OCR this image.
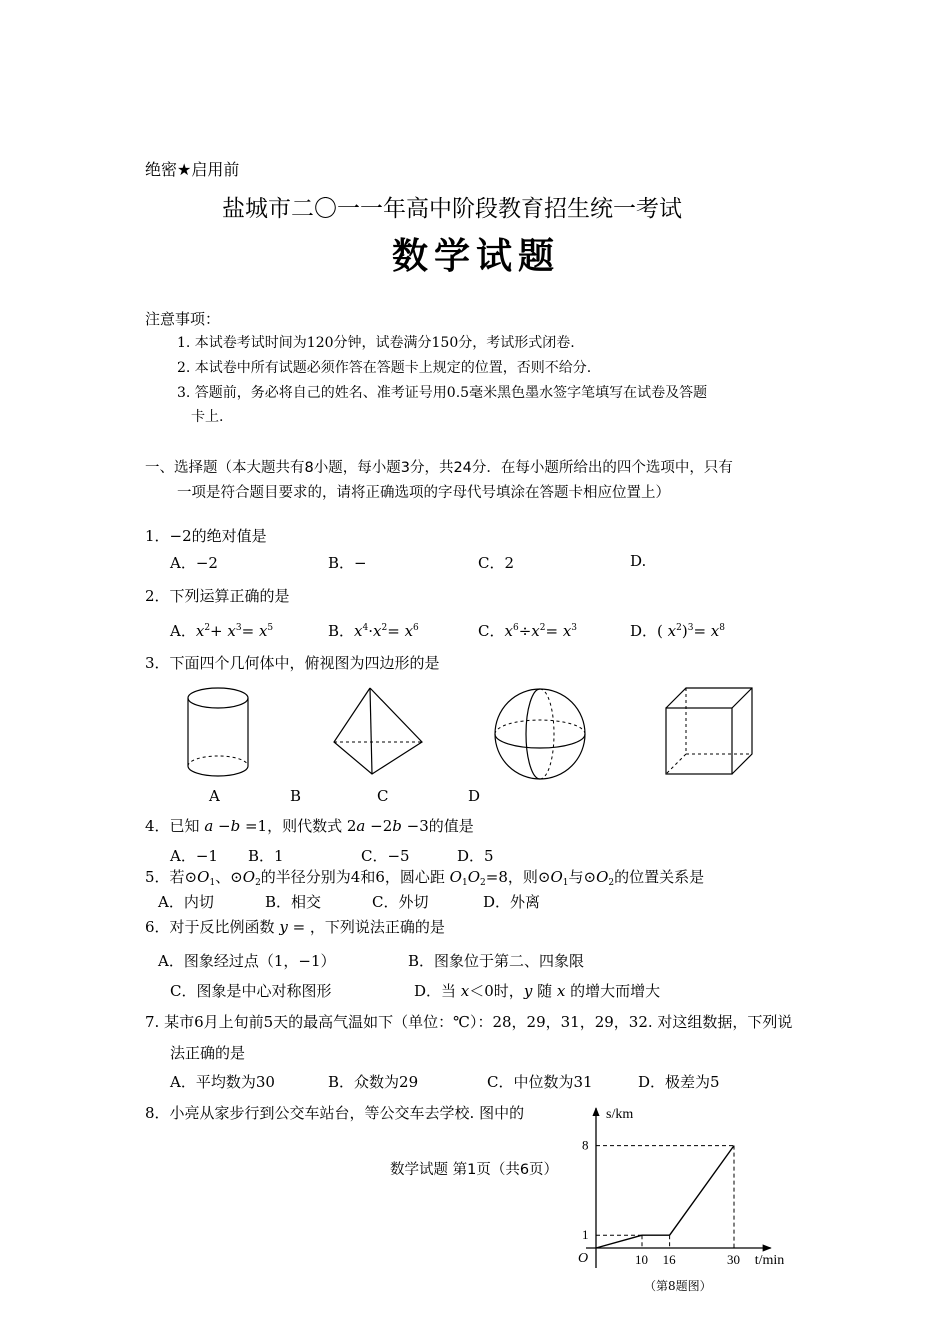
绝密★启用前
盐城市二〇一一年高中阶段教育招生统一考试
数学试题
注意事项：
1. 本试卷考试时间为120分钟，试卷满分150分，考试形式闭卷.
2. 本试卷中所有试题必须作答在答题卡上规定的位置，否则不给分.
3. 答题前，务必将自己的姓名、准考证号用0.5毫米黑色墨水签字笔填写在试卷及答题
卡上.
一、选择题（本大题共有8小题，每小题3分，共24分．在每小题所给出的四个选项中，只有
一项是符合题目要求的，请将正确选项的字母代号填涂在答题卡相应位置上）
1．−2的绝对值是
A．−2	B．−	C．2	D.
2．下列运算正确的是
A．$x^2+ x^3= x^5$	B．$x^4\cdot x^2= x^6$	C．$x^6\div x^2= x^3$	D．( $x^2)^3= x^8$
3．下面四个几何体中，俯视图为四边形的是
A	B	C	D
4．已知 a −b =1，则代数式 2a −2b −3的值是
A．−1 B．1	C．−5	D．5
5．若$⊙O_1$、$⊙O_2$的半径分别为4和6，圆心距 $O_1O_2=8$，则$⊙O_1$与$⊙O_2$的位置关系是
A．内切	B．相交	C．外切	D．外离
6．对于反比例函数 y = ，下列说法正确的是
A．图象经过点（1，−1）	B．图象位于第二、四象限
C．图象是中心对称图形	D．当 x＜0时，y 随 x 的增大而增大
7. 某市6月上旬前5天的最高气温如下（单位：℃）：28，29，31，29，32. 对这组数据，下列说
法正确的是
A．平均数为30	B．众数为29	C．中位数为31	D．极差为5
8．小亮从家步行到公交车站台，等公交车去学校. 图中的
数学试题 第1页（共6页）
s/km
t/min
O	10 16	30
1
8
（第8题图）
